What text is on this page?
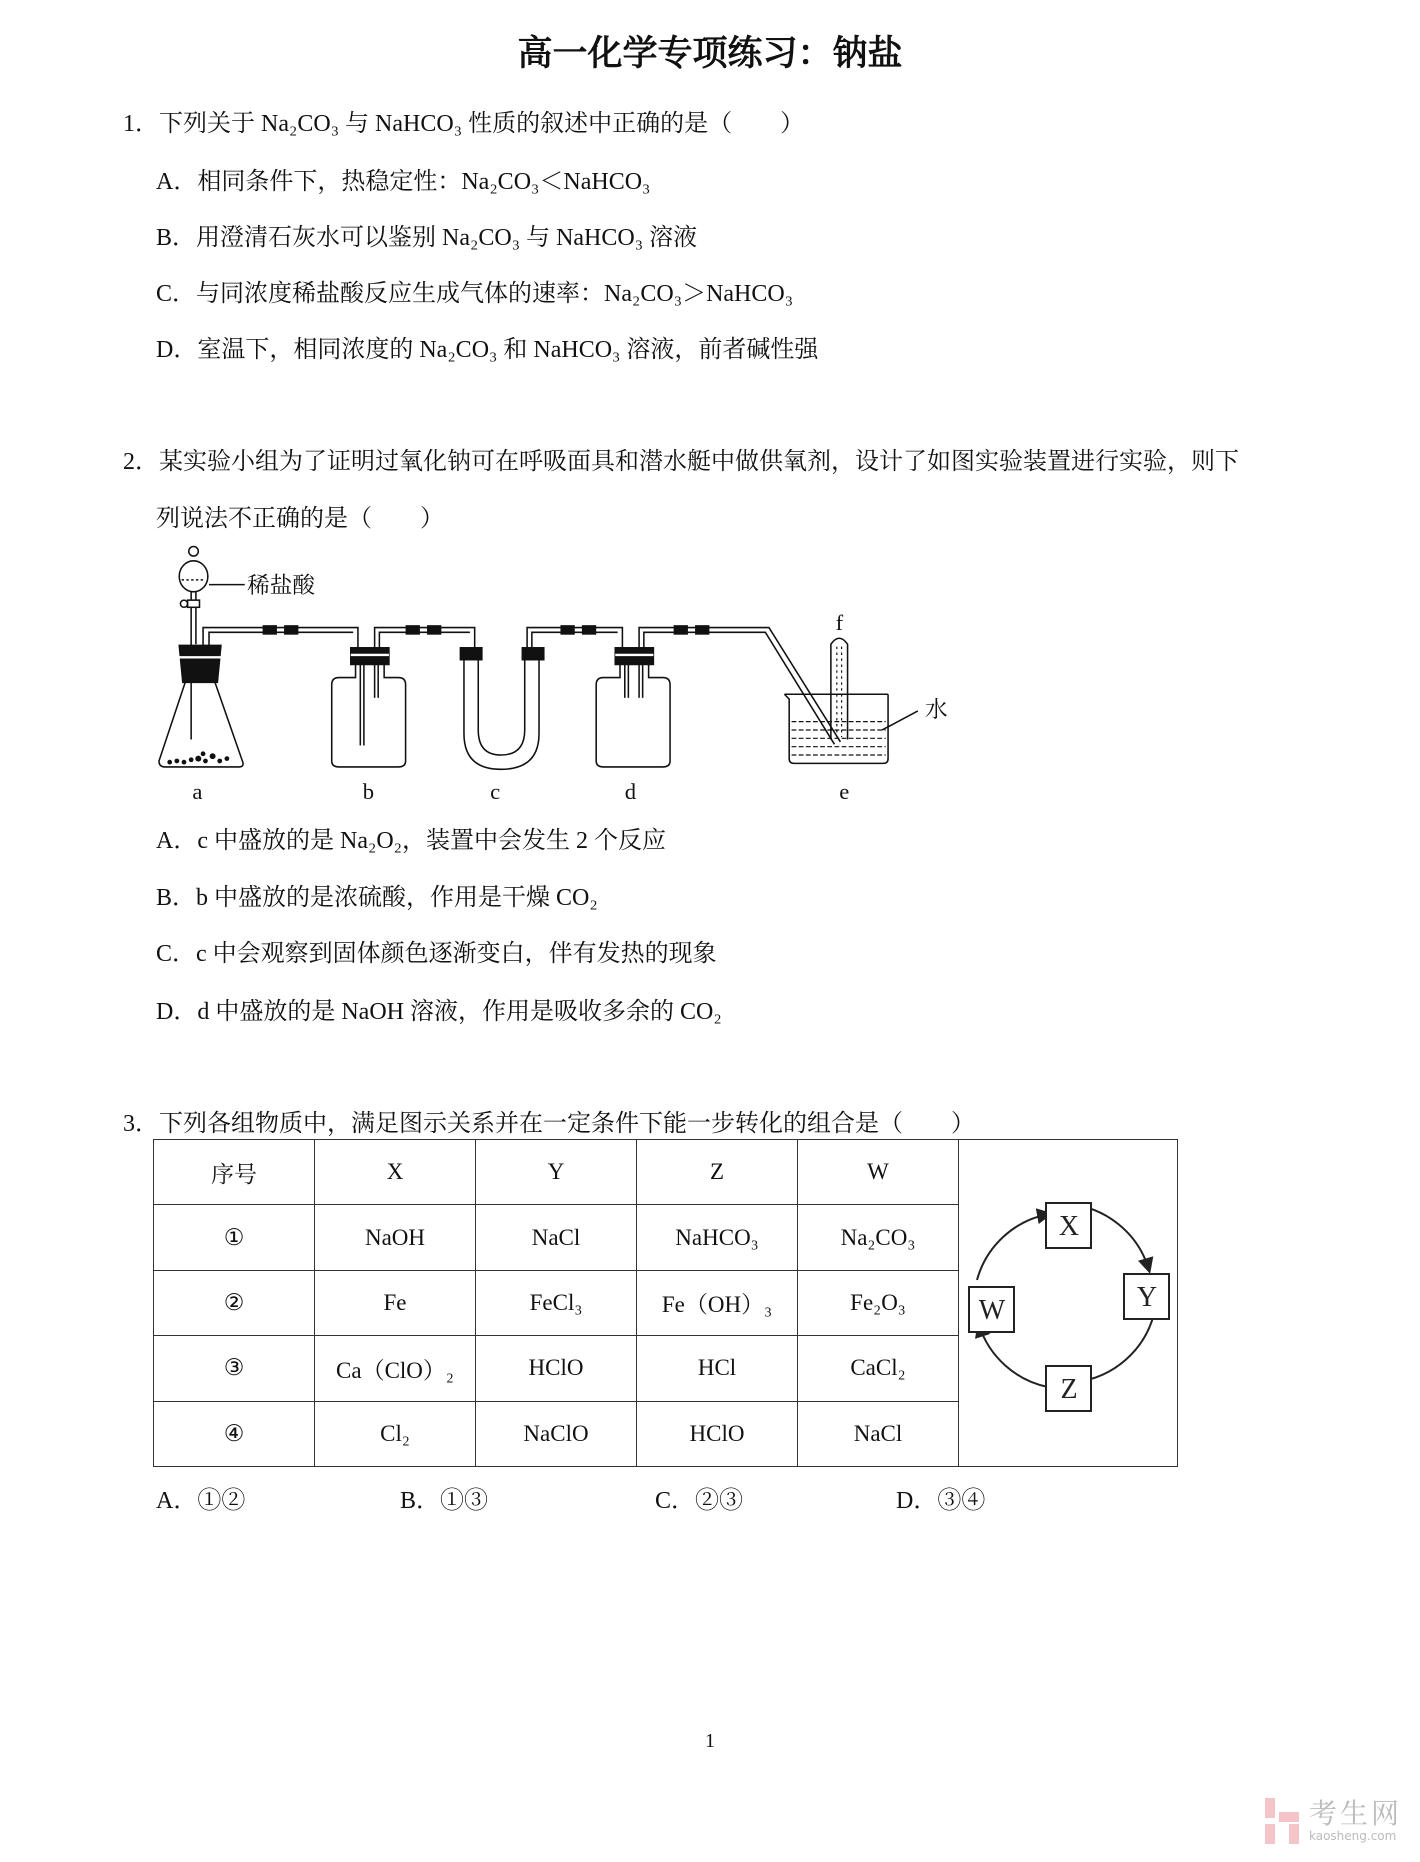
高一化学专项练习：钠盐
1．下列关于 Na₂CO₃ 与 NaHCO₃ 性质的叙述中正确的是（　　）
A．相同条件下，热稳定性：Na₂CO₃＜NaHCO₃
B．用澄清石灰水可以鉴别 Na₂CO₃ 与 NaHCO₃ 溶液
C．与同浓度稀盐酸反应生成气体的速率：Na₂CO₃＞NaHCO₃
D．室温下，相同浓度的 Na₂CO₃ 和 NaHCO₃ 溶液，前者碱性强
2．某实验小组为了证明过氧化钠可在呼吸面具和潜水艇中做供氧剂，设计了如图实验装置进行实验，则下
列说法不正确的是（　　）
稀盐酸
f
水
a	b	c	d	e
A．c 中盛放的是 Na₂O₂，装置中会发生 2 个反应
B．b 中盛放的是浓硫酸，作用是干燥 CO₂
C．c 中会观察到固体颜色逐渐变白，伴有发热的现象
D．d 中盛放的是 NaOH 溶液，作用是吸收多余的 CO₂
3．下列各组物质中，满足图示关系并在一定条件下能一步转化的组合是（　　）
序号	X	Y	Z	W	X
Y
Z
W

①	NaOH	NaCl	NaHCO₃	Na₂CO₃	
②	Fe	FeCl₃	Fe（OH）₃	Fe₂O₃	
③	Ca（ClO）₂	HClO	HCl	CaCl₂	
④	Cl₂	NaClO	HClO	NaCl	
A．①②	B．①③	C．②③	D．③④
1
考生网
kaosheng.com
